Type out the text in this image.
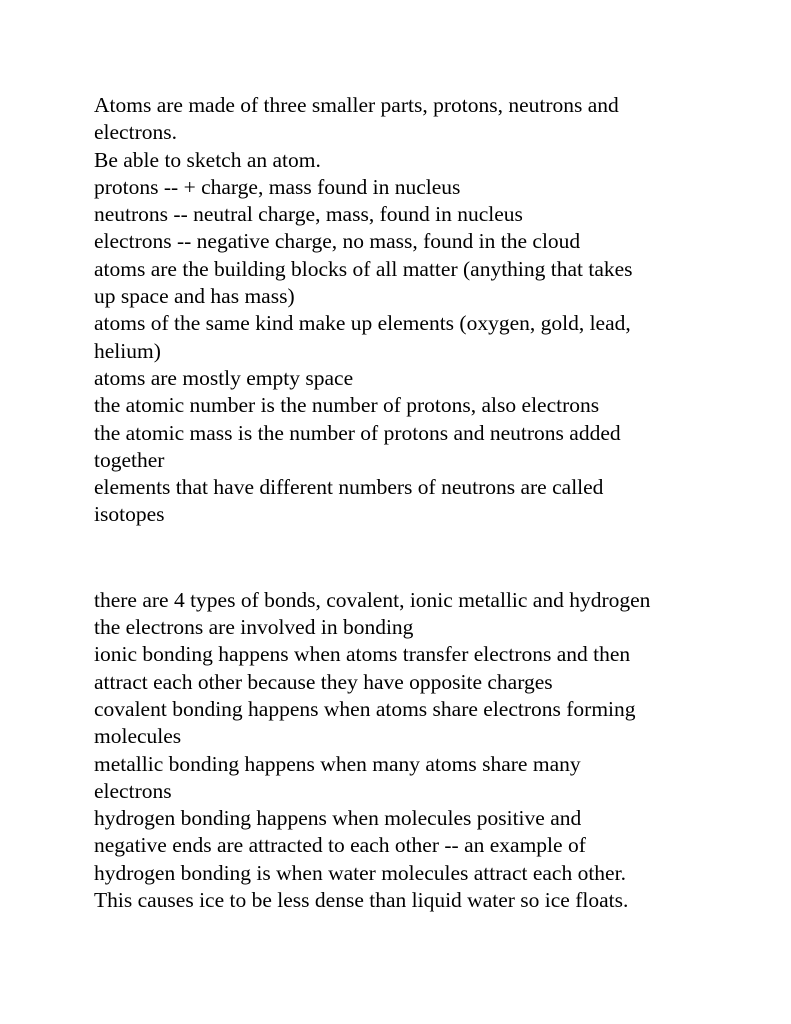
Atoms are made of three smaller parts, protons, neutrons and
electrons.
Be able to sketch an atom.
protons -- + charge, mass found in nucleus
neutrons -- neutral charge, mass, found in nucleus
electrons -- negative charge, no mass, found in the cloud
atoms are the building blocks of all matter (anything that takes
up space and has mass)
atoms of the same kind make up elements (oxygen, gold, lead,
helium)
atoms are mostly empty space
the atomic number is the number of protons, also electrons
the atomic mass is the number of protons and neutrons added
together
elements that have different numbers of neutrons are called
isotopes
there are 4 types of bonds, covalent, ionic metallic and hydrogen
the electrons are involved in bonding
ionic bonding happens when atoms transfer electrons and then
attract each other because they have opposite charges
covalent bonding happens when atoms share electrons forming
molecules
metallic bonding happens when many atoms share many
electrons
hydrogen bonding happens when molecules positive and
negative ends are attracted to each other -- an example of
hydrogen bonding is when water molecules attract each other.
This causes ice to be less dense than liquid water so ice floats.
